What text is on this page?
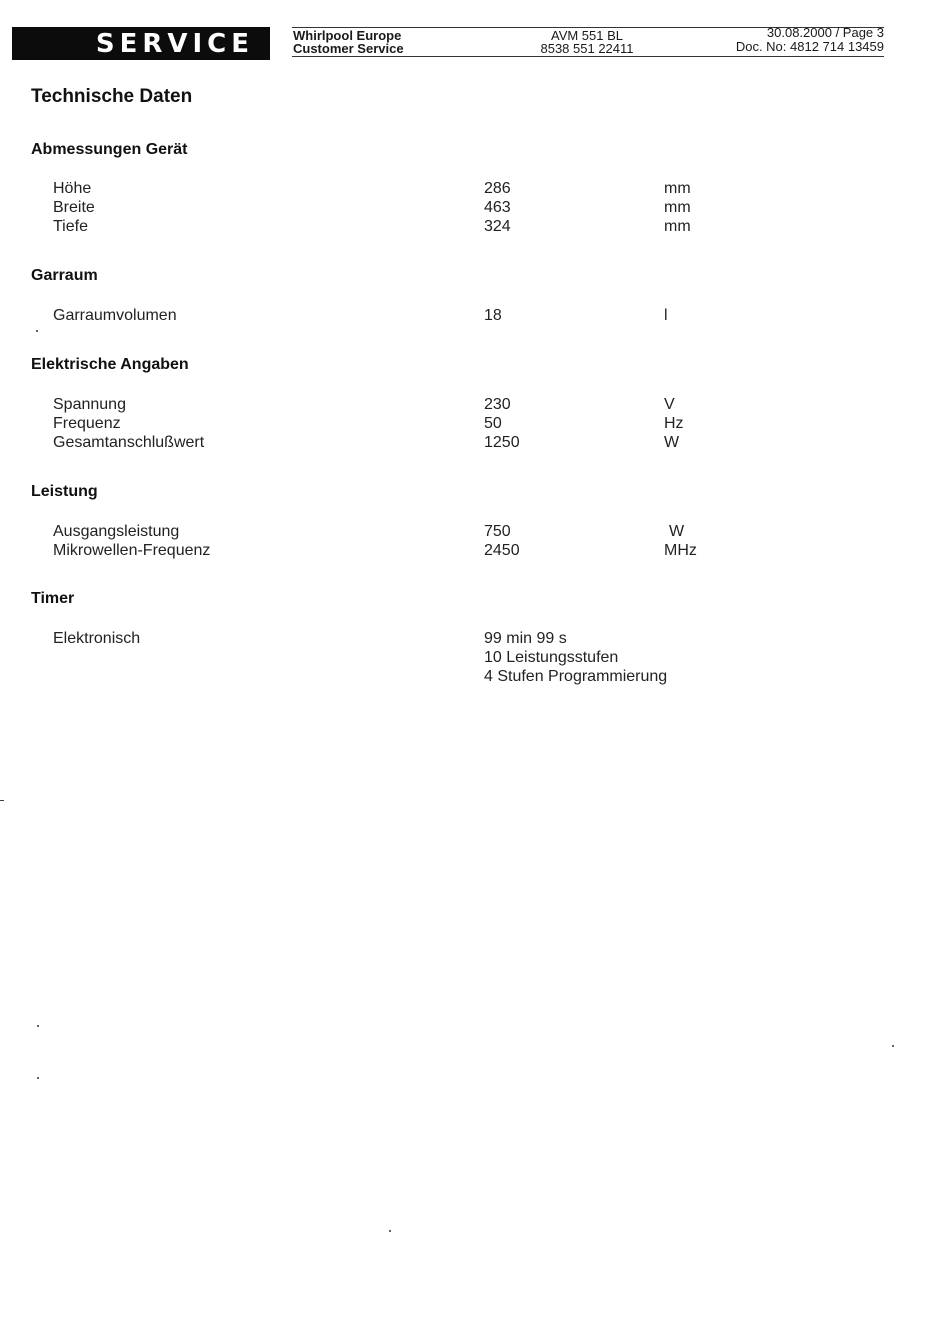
SERVICE	Whirlpool Europe
Customer Service
AVM 551 BL
8538 551 22411
30.08.2000 / Page 3
Doc. No: 4812 714 13459
Technische Daten
Abmessungen Gerät
Höhe	286	mm
Breite	463	mm
Tiefe	324	mm
Garraum
Garraumvolumen	18	l
Elektrische Angaben
Spannung	230	V
Frequenz	50	Hz
Gesamtanschlußwert	1250	W
Leistung
Ausgangsleistung	750	W
Mikrowellen-Frequenz	2450	MHz
Timer
Elektronisch	99 min 99 s
10 Leistungsstufen
4 Stufen Programmierung
